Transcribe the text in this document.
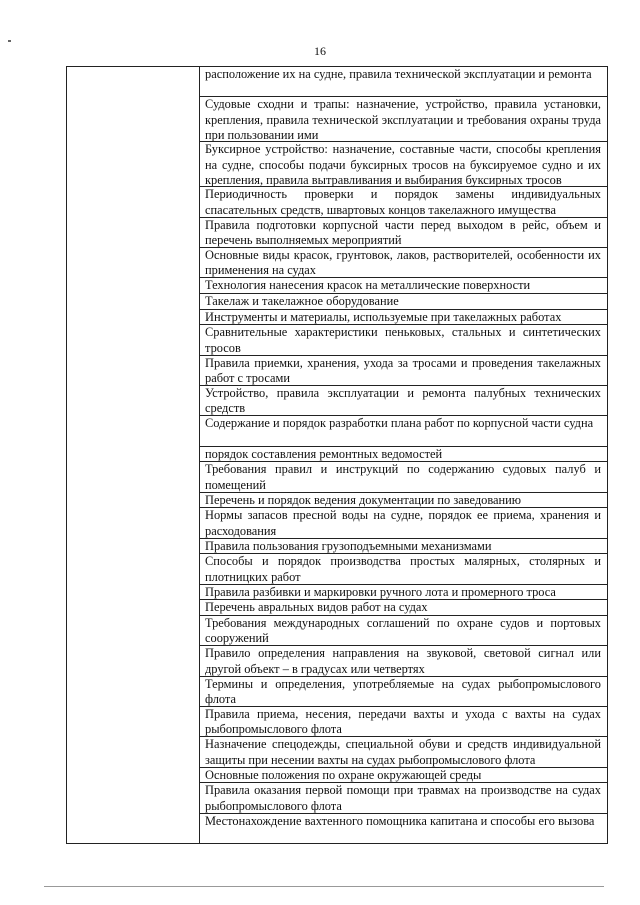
16
расположение их на судне, правила технической эксплуатации и ремонта
Судовые сходни и трапы: назначение, устройство, правила установки, крепления, правила технической эксплуатации и требования охраны труда при пользовании ими
Буксирное устройство: назначение, составные части, способы крепления на судне, способы подачи буксирных тросов на буксируемое судно и их крепления, правила вытравливания и выбирания буксирных тросов
Периодичность проверки и порядок замены индивидуальных спасательных средств, швартовых концов такелажного имущества
Правила подготовки корпусной части перед выходом в рейс, объем и перечень выполняемых мероприятий
Основные виды красок, грунтовок, лаков, растворителей, особенности их применения на судах
Технология нанесения красок на металлические поверхности
Такелаж и такелажное оборудование
Инструменты и материалы, используемые при такелажных работах
Сравнительные характеристики пеньковых, стальных и синтетических тросов
Правила приемки, хранения, ухода за тросами и проведения такелажных работ с тросами
Устройство, правила эксплуатации и ремонта палубных технических средств
Содержание и порядок разработки плана работ по корпусной части судна
порядок составления ремонтных ведомостей
Требования правил и инструкций по содержанию судовых палуб и помещений
Перечень и порядок ведения документации по заведованию
Нормы запасов пресной воды на судне, порядок ее приема, хранения и расходования
Правила пользования грузоподъемными механизмами
Способы и порядок производства простых малярных, столярных и плотницких работ
Правила разбивки и маркировки ручного лота и промерного троса
Перечень авральных видов работ на судах
Требования международных соглашений по охране судов и портовых сооружений
Правило определения направления на звуковой, световой сигнал или другой объект – в градусах или четвертях
Термины и определения, употребляемые на судах рыбопромыслового флота
Правила приема, несения, передачи вахты и ухода с вахты на судах рыбопромыслового флота
Назначение спецодежды, специальной обуви и средств индивидуальной защиты при несении вахты на судах рыбопромыслового флота
Основные положения по охране окружающей среды
Правила оказания первой помощи при травмах на производстве на судах рыбопромыслового флота
Местонахождение вахтенного помощника капитана и способы его вызова
